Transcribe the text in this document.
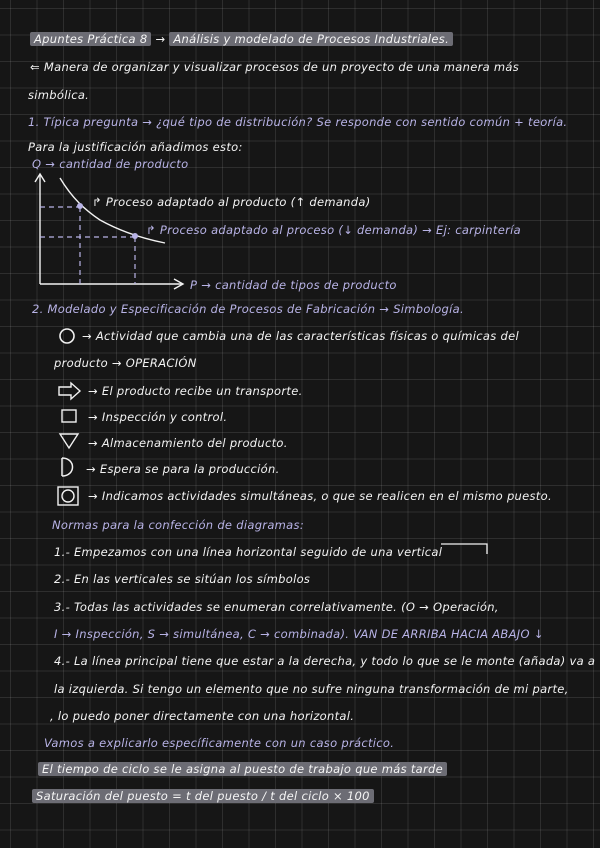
Apuntes Práctica 8 → Análisis y modelado de Procesos Industriales.
⇐ Manera de organizar y visualizar procesos de un proyecto de una manera más
simbólica.
1. Típica pregunta → ¿qué tipo de distribución? Se responde con sentido común + teoría.
Para la justificación añadimos esto:
Q → cantidad de producto
↱ Proceso adaptado al producto (↑ demanda)
↱ Proceso adaptado al proceso (↓ demanda) → Ej: carpintería
P → cantidad de tipos de producto
2. Modelado y Especificación de Procesos de Fabricación → Simbología.
→ Actividad que cambia una de las características físicas o químicas del
producto → OPERACIÓN
→ El producto recibe un transporte.
→ Inspección y control.
→ Almacenamiento del producto.
→ Espera se para la producción.
→ Indicamos actividades simultáneas, o que se realicen en el mismo puesto.
Normas para la confección de diagramas:
1.- Empezamos con una línea horizontal seguido de una vertical
2.- En las verticales se sitúan los símbolos
3.- Todas las actividades se enumeran correlativamente. (O → Operación,
I → Inspección, S → simultánea, C → combinada). VAN DE ARRIBA HACIA ABAJO ↓
4.- La línea principal tiene que estar a la derecha, y todo lo que se le monte (añada) va a
la izquierda. Si tengo un elemento que no sufre ninguna transformación de mi parte,
, lo puedo poner directamente con una horizontal.
Vamos a explicarlo específicamente con un caso práctico.
El tiempo de ciclo se le asigna al puesto de trabajo que más tarde
Saturación del puesto = t del puesto / t del ciclo × 100
